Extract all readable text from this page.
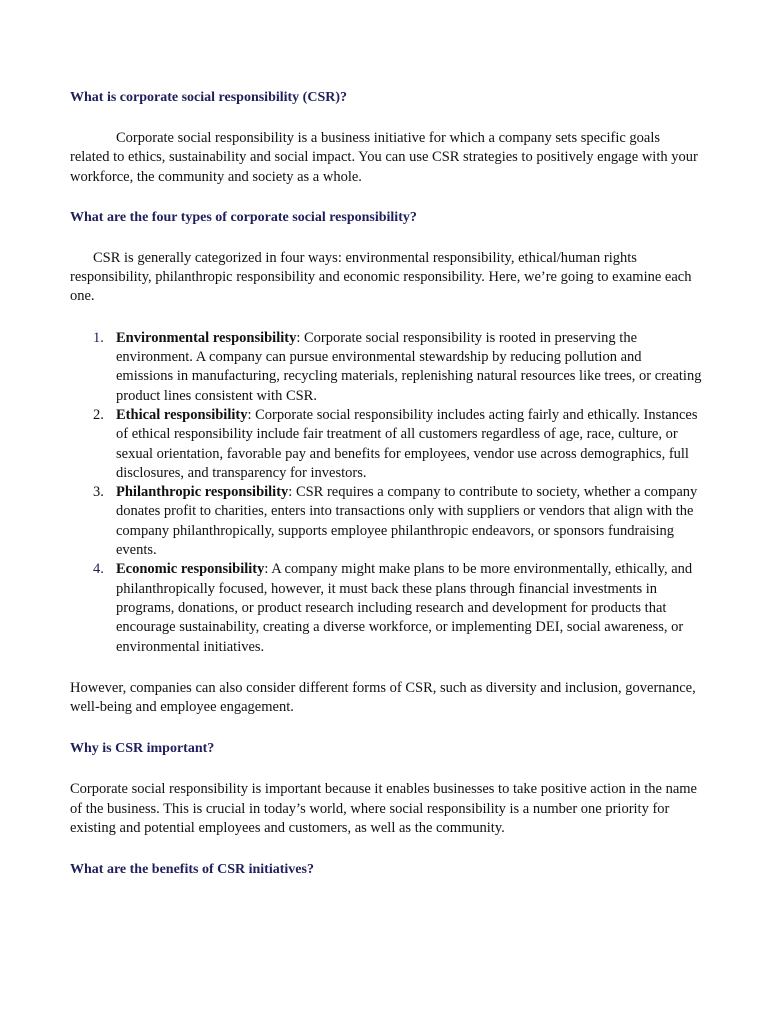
What is corporate social responsibility (CSR)?

Corporate social responsibility is a business initiative for which a company sets specific goals related to ethics, sustainability and social impact. You can use CSR strategies to positively engage with your workforce, the community and society as a whole.

What are the four types of corporate social responsibility?

CSR is generally categorized in four ways: environmental responsibility, ethical/human rights responsibility, philanthropic responsibility and economic responsibility. Here, we’re going to examine each one.

1. Environmental responsibility: Corporate social responsibility is rooted in preserving the environment. A company can pursue environmental stewardship by reducing pollution and emissions in manufacturing, recycling materials, replenishing natural resources like trees, or creating product lines consistent with CSR.
2. Ethical responsibility: Corporate social responsibility includes acting fairly and ethically. Instances of ethical responsibility include fair treatment of all customers regardless of age, race, culture, or sexual orientation, favorable pay and benefits for employees, vendor use across demographics, full disclosures, and transparency for investors.
3. Philanthropic responsibility: CSR requires a company to contribute to society, whether a company donates profit to charities, enters into transactions only with suppliers or vendors that align with the company philanthropically, supports employee philanthropic endeavors, or sponsors fundraising events.
4. Economic responsibility: A company might make plans to be more environmentally, ethically, and philanthropically focused, however, it must back these plans through financial investments in programs, donations, or product research including research and development for products that encourage sustainability, creating a diverse workforce, or implementing DEI, social awareness, or environmental initiatives.

However, companies can also consider different forms of CSR, such as diversity and inclusion, governance, well-being and employee engagement.

Why is CSR important?

Corporate social responsibility is important because it enables businesses to take positive action in the name of the business. This is crucial in today’s world, where social responsibility is a number one priority for existing and potential employees and customers, as well as the community.

What are the benefits of CSR initiatives?
